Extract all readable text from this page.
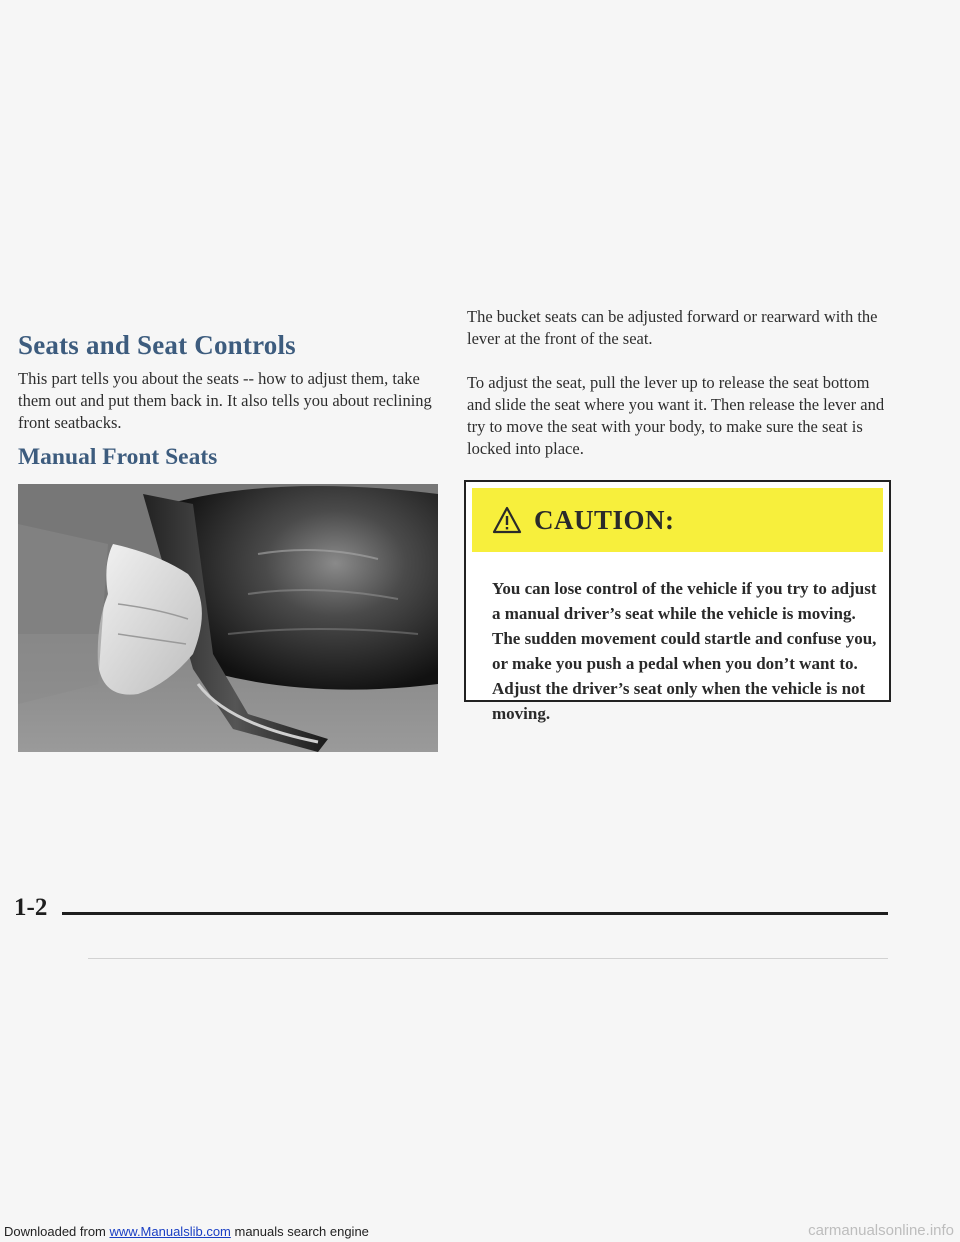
Seats and Seat Controls

This part tells you about the seats -- how to adjust them, take them out and put them back in. It also tells you about reclining front seatbacks.

Manual Front Seats

The bucket seats can be adjusted forward or rearward with the lever at the front of the seat.

To adjust the seat, pull the lever up to release the seat bottom and slide the seat where you want it. Then release the lever and try to move the seat with your body, to make sure the seat is locked into place.

CAUTION:

You can lose control of the vehicle if you try to adjust a manual driver’s seat while the vehicle is moving. The sudden movement could startle and confuse you, or make you push a pedal when you don’t want to. Adjust the driver’s seat only when the vehicle is not moving.

1-2
Downloaded from www.Manualslib.com manuals search engine	carmanualsonline.info
